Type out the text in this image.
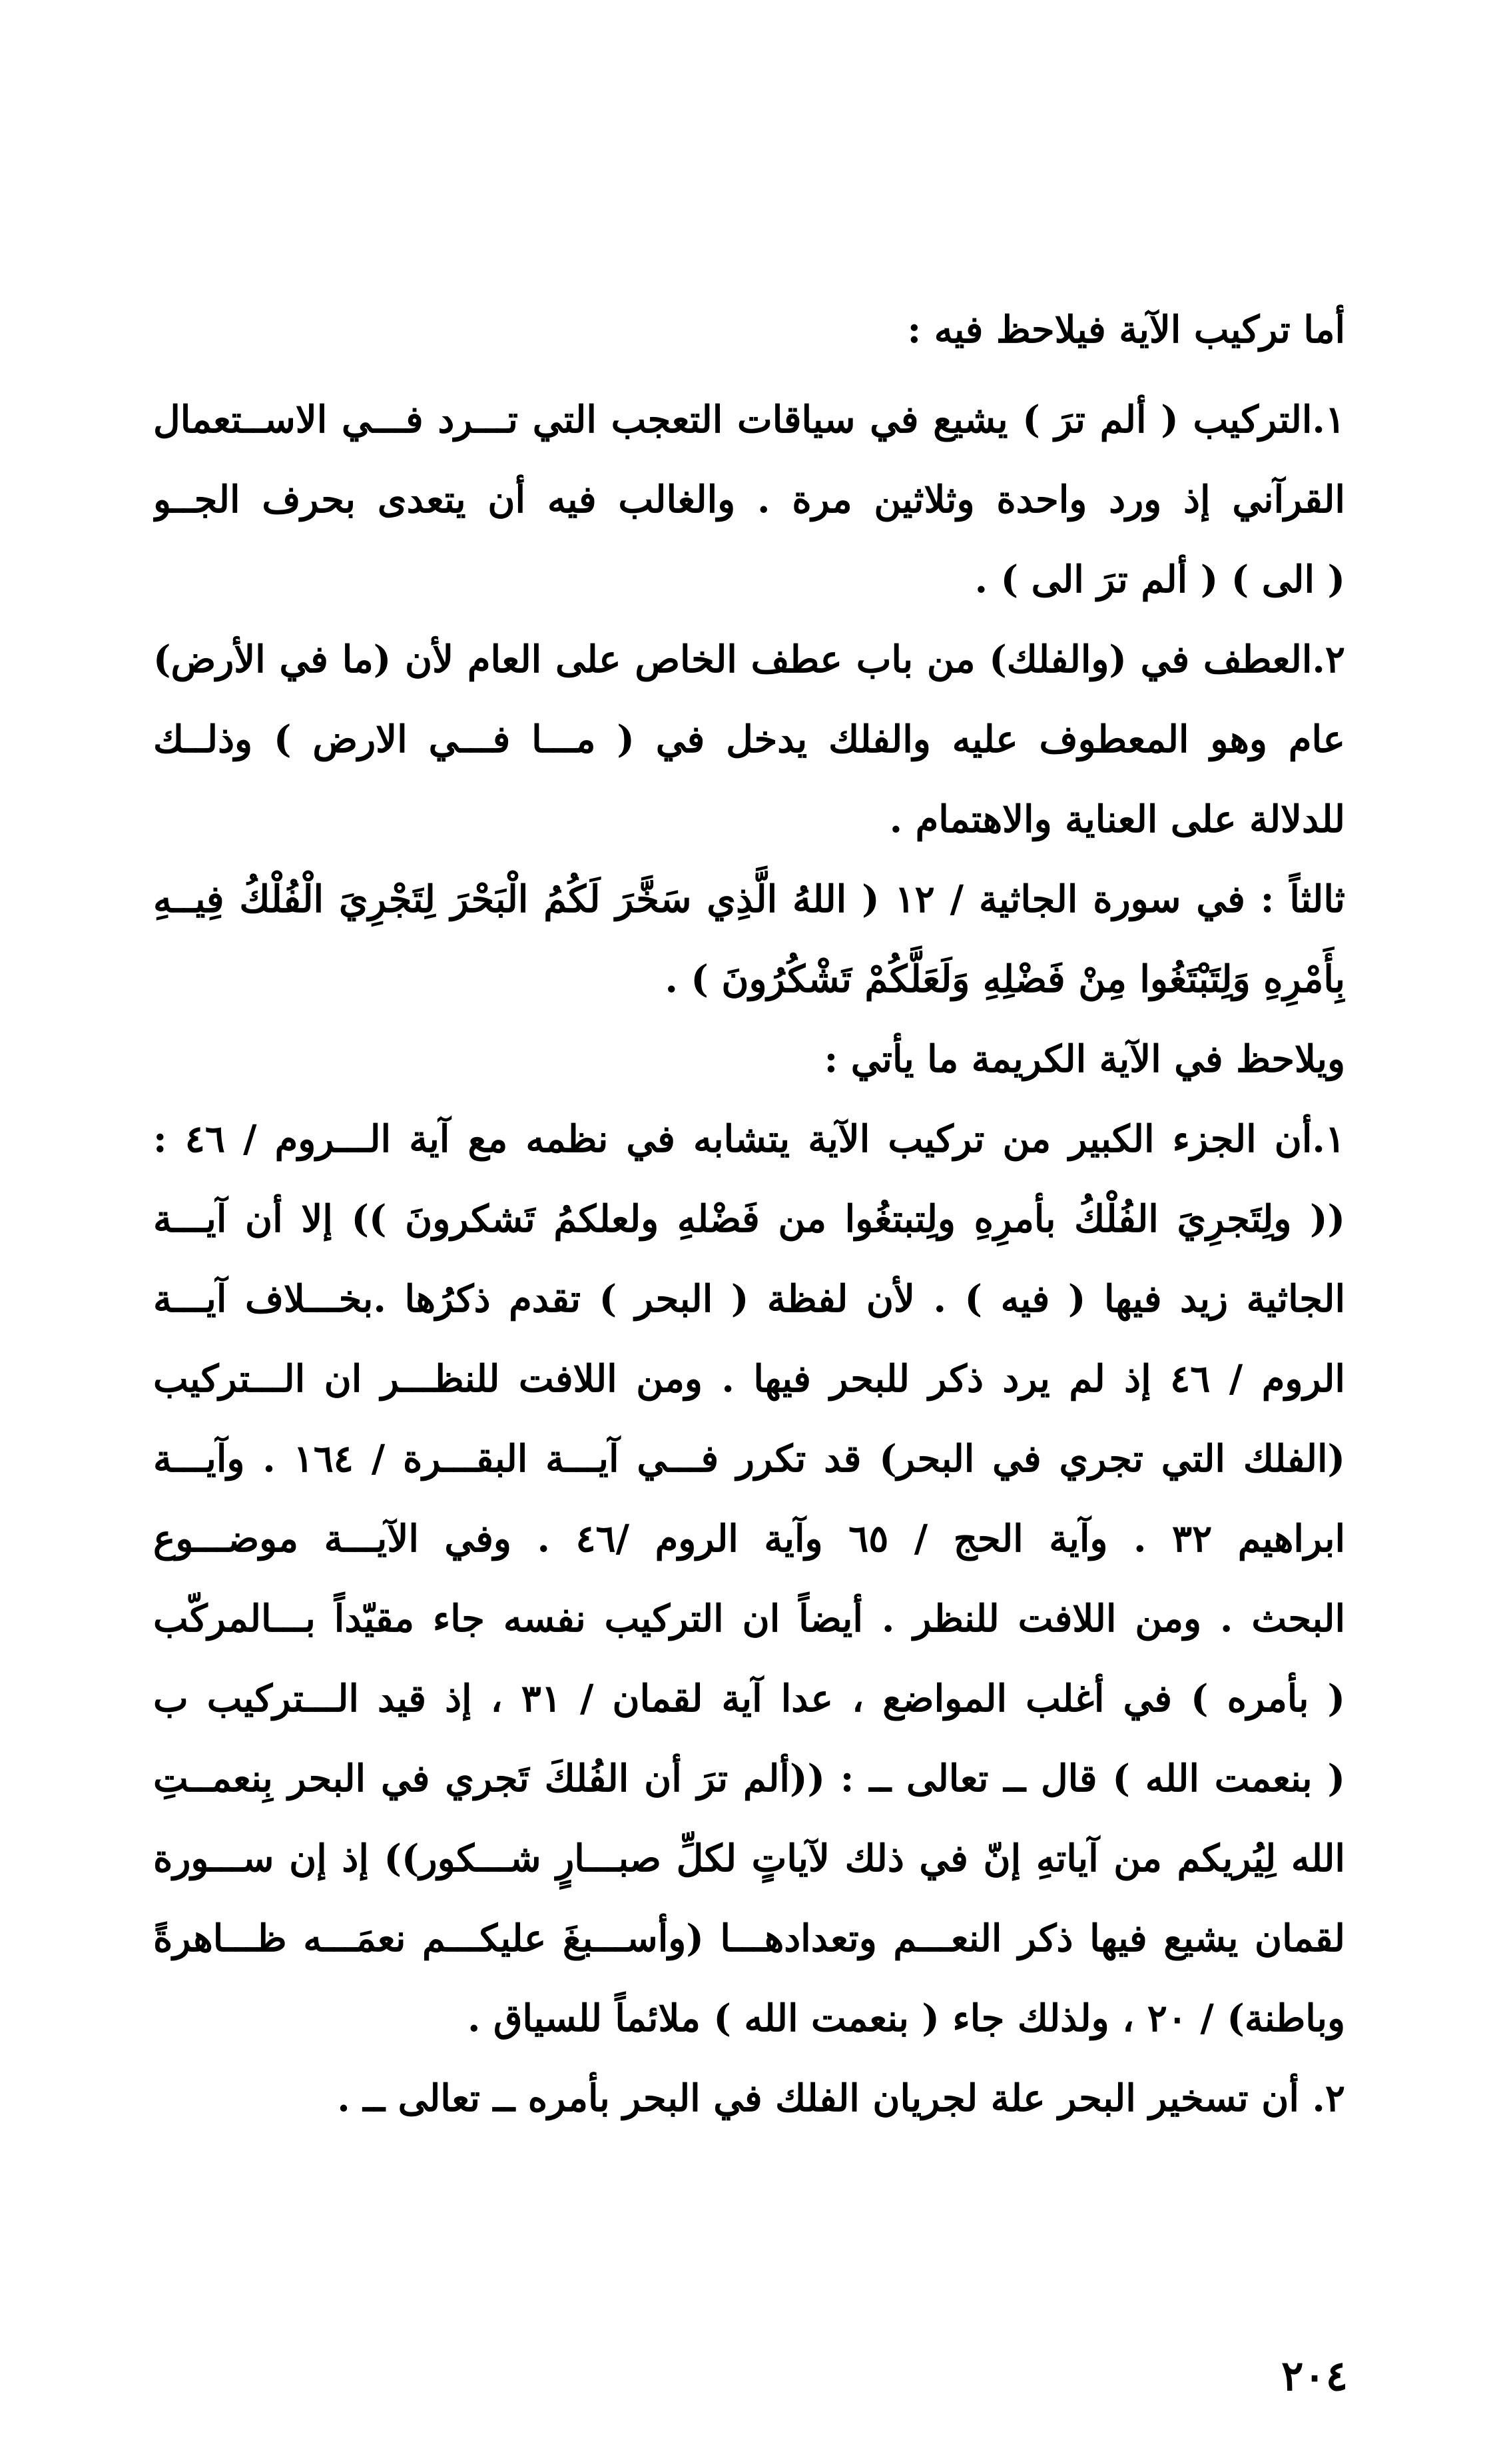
أما تركيب الآية فيلاحظ فيه :
١.التركيب ( ألم ترَ ) يشيع في سياقات التعجب التي تـــرد فـــي الاســتعمال
القرآني إذ ورد واحدة وثلاثين مرة . والغالب فيه أن يتعدى بحرف الجــو
( الى ) ( ألم ترَ الى ) .
٢.العطف في (والفلك) من باب عطف الخاص على العام لأن (ما في الأرض)
عام وهو المعطوف عليه والفلك يدخل في ( مـــا فـــي الارض ) وذلــك
للدلالة على العناية والاهتمام .
ثالثاً : في سورة الجاثية / ١٢ ( اللهُ الَّذِي سَخَّرَ لَكُمُ الْبَحْرَ لِتَجْرِيَ الْفُلْكُ فِيــهِ
بِأَمْرِهِ وَلِتَبْتَغُوا مِنْ فَضْلِهِ وَلَعَلَّكُمْ تَشْكُرُونَ ) .
ويلاحظ في الآية الكريمة ما يأتي :
١.أن الجزء الكبير من تركيب الآية يتشابه في نظمه مع آية الـــروم / ٤٦ :
(( ولِتَجرِيَ الفُلْكُ بأمرِهِ ولِتبتغُوا من فَضْلهِ ولعلكمُ تَشكرونَ )) إلا أن آيـــة
الجاثية زيد فيها ( فيه ) . لأن لفظة ( البحر ) تقدم ذكرُها .بخـــلاف آيـــة
الروم / ٤٦ إذ لم يرد ذكر للبحر فيها . ومن اللافت للنظـــر ان الـــتركيب
(الفلك التي تجري في البحر) قد تكرر فـــي آيـــة البقـــرة / ١٦٤ . وآيـــة
ابراهيم ٣٢ . وآية الحج / ٦٥ وآية الروم /٤٦ . وفي الآيـــة موضـــوع
البحث . ومن اللافت للنظر . أيضاً ان التركيب نفسه جاء مقيّداً بـــالمركّب
( بأمره ) في أغلب المواضع ، عدا آية لقمان / ٣١ ، إذ قيد الـــتركيب ب
( بنعمت الله ) قال ــ تعالى ــ : ((ألم ترَ أن الفُلكَ تَجري في البحر بِنعمــتِ
الله لِيُريكم من آياتهِ إنّ في ذلك لآياتٍ لكلِّ صبـــارٍ شـــكور)) إذ إن ســـورة
لقمان يشيع فيها ذكر النعـــم وتعدادهـــا (وأســـبغَ عليكـــم نعمَـــه ظـــاهرةً
وباطنة) / ٢٠ ، ولذلك جاء ( بنعمت الله ) ملائماً للسياق .
٢. أن تسخير البحر علة لجريان الفلك في البحر بأمره ــ تعالى ــ .
٢٠٤
